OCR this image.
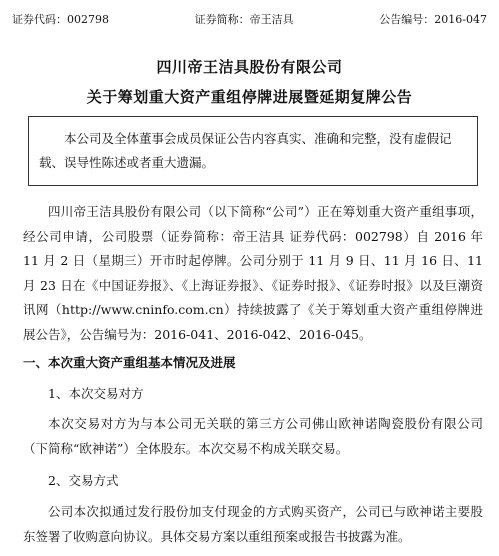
证券代码：002798	证券简称：帝王洁具	公告编号：2016-047
四川帝王洁具股份有限公司
关于筹划重大资产重组停牌进展暨延期复牌公告
本公司及全体董事会成员保证公告内容真实、准确和完整，没有虚假记载、误导性陈述或者重大遗漏。
四川帝王洁具股份有限公司（以下简称“公司”）正在筹划重大资产重组事项，经公司申请，公司股票（证券简称：帝王洁具 证券代码：002798）自 2016 年 11 月 2 日（星期三）开市时起停牌。公司分别于 11 月 9 日、11 月 16 日、11 月 23 日在《中国证券报》、《上海证券报》、《证券时报》、《证券时报》以及巨潮资讯网（http://www.cninfo.com.cn）持续披露了《关于筹划重大资产重组停牌进展公告》，公告编号为：2016-041、2016-042、2016-045。
一、本次重大资产重组基本情况及进展
1、本次交易对方
本次交易对方为与本公司无关联的第三方公司佛山欧神诺陶瓷股份有限公司（下简称“欧神诺”）全体股东。本次交易不构成关联交易。
2、交易方式
公司本次拟通过发行股份加支付现金的方式购买资产，公司已与欧神诺主要股东签署了收购意向协议。具体交易方案以重组预案或报告书披露为准。
